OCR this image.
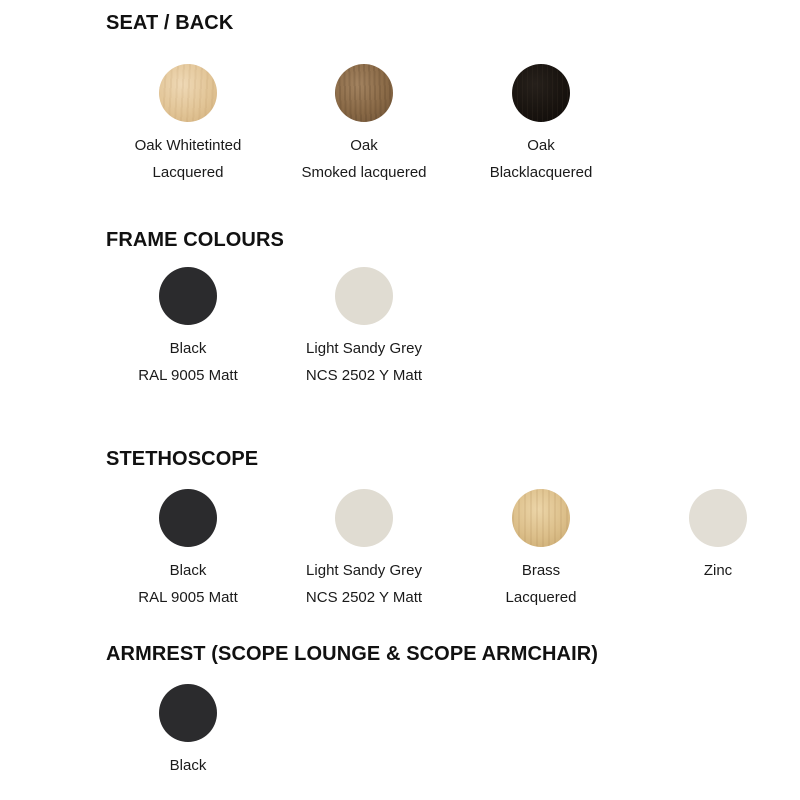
SEAT / BACK
Oak Whitetinted
Lacquered
Oak
Smoked lacquered
Oak
Blacklacquered
FRAME COLOURS
Black
RAL 9005 Matt
Light Sandy Grey
NCS 2502 Y Matt
STETHOSCOPE
Black
RAL 9005 Matt
Light Sandy Grey
NCS 2502 Y Matt
Brass
Lacquered
Zinc
ARMREST (SCOPE LOUNGE & SCOPE ARMCHAIR)
Black
